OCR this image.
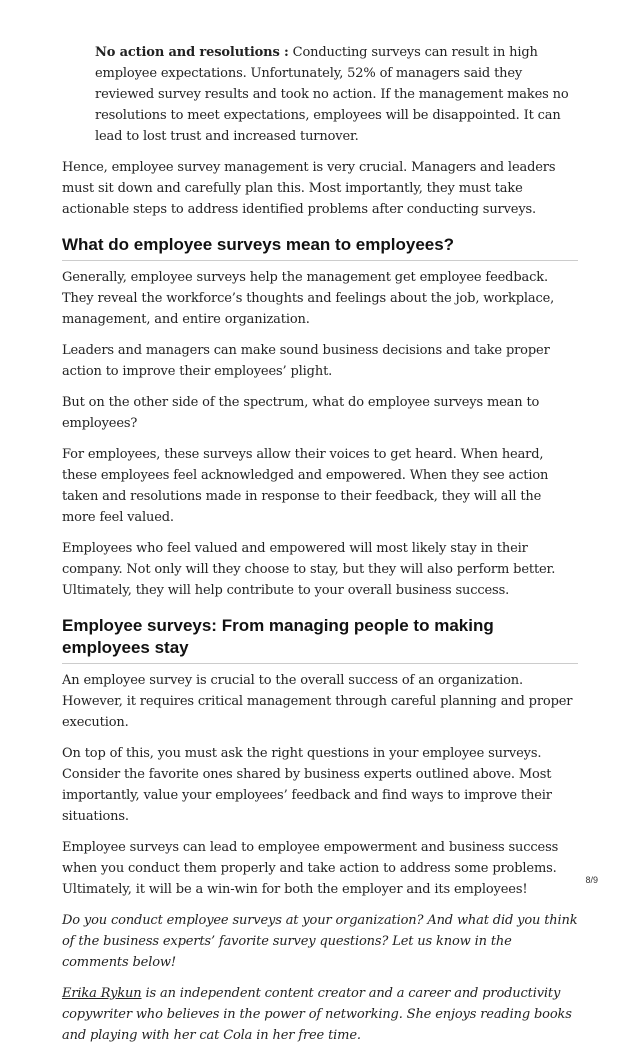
No action and resolutions : Conducting surveys can result in high employee expectations. Unfortunately, 52% of managers said they reviewed survey results and took no action. If the management makes no resolutions to meet expectations, employees will be disappointed. It can lead to lost trust and increased turnover.

Hence, employee survey management is very crucial. Managers and leaders must sit down and carefully plan this. Most importantly, they must take actionable steps to address identified problems after conducting surveys.

What do employee surveys mean to employees?

Generally, employee surveys help the management get employee feedback. They reveal the workforce’s thoughts and feelings about the job, workplace, management, and entire organization.

Leaders and managers can make sound business decisions and take proper action to improve their employees’ plight.

But on the other side of the spectrum, what do employee surveys mean to employees?

For employees, these surveys allow their voices to get heard. When heard, these employees feel acknowledged and empowered. When they see action taken and resolutions made in response to their feedback, they will all the more feel valued.

Employees who feel valued and empowered will most likely stay in their company. Not only will they choose to stay, but they will also perform better. Ultimately, they will help contribute to your overall business success.

Employee surveys: From managing people to making employees stay

An employee survey is crucial to the overall success of an organization. However, it requires critical management through careful planning and proper execution.

On top of this, you must ask the right questions in your employee surveys. Consider the favorite ones shared by business experts outlined above. Most importantly, value your employees’ feedback and find ways to improve their situations.

Employee surveys can lead to employee empowerment and business success when you conduct them properly and take action to address some problems. Ultimately, it will be a win-win for both the employer and its employees!

Do you conduct employee surveys at your organization? And what did you think of the business experts’ favorite survey questions? Let us know in the comments below!

Erika Rykun is an independent content creator and a career and productivity copywriter who believes in the power of networking. She enjoys reading books and playing with her cat Cola in her free time.

8/9
